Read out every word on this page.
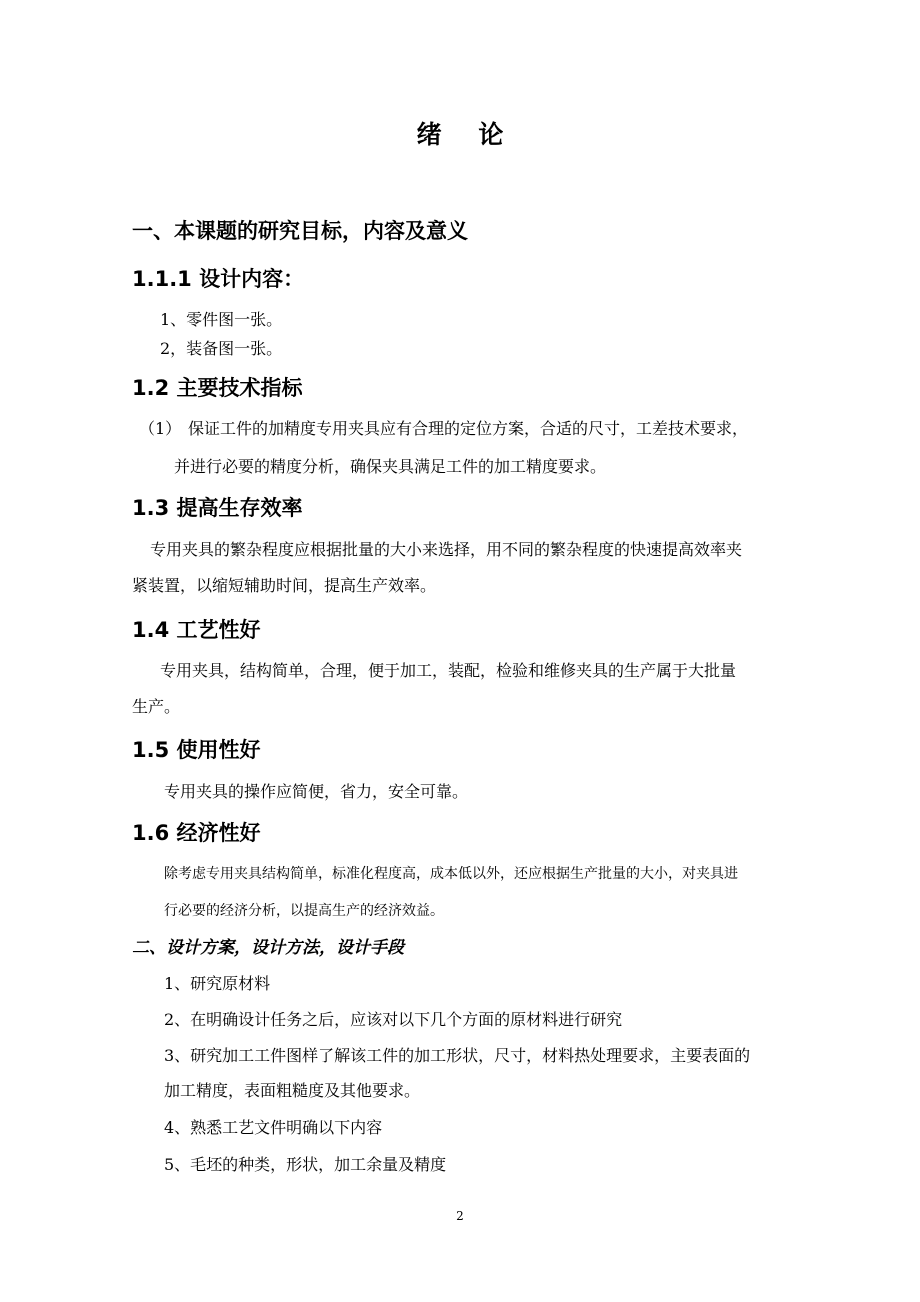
绪 论
一、本课题的研究目标，内容及意义
1.1.1 设计内容：
1、零件图一张。
2，装备图一张。
1.2 主要技术指标
（1） 保证工件的加精度专用夹具应有合理的定位方案，合适的尺寸，工差技术要求，
并进行必要的精度分析，确保夹具满足工件的加工精度要求。
1.3 提高生存效率
专用夹具的繁杂程度应根据批量的大小来选择，用不同的繁杂程度的快速提高效率夹
紧装置，以缩短辅助时间，提高生产效率。
1.4 工艺性好
专用夹具，结构简单，合理，便于加工，装配，检验和维修夹具的生产属于大批量
生产。
1.5 使用性好
专用夹具的操作应简便，省力，安全可靠。
1.6 经济性好
除考虑专用夹具结构简单，标准化程度高，成本低以外，还应根据生产批量的大小，对夹具进
行必要的经济分析，以提高生产的经济效益。
二、设计方案，设计方法，设计手段
1、研究原材料
2、在明确设计任务之后，应该对以下几个方面的原材料进行研究
3、研究加工工件图样了解该工件的加工形状，尺寸，材料热处理要求，主要表面的
加工精度，表面粗糙度及其他要求。
4、熟悉工艺文件明确以下内容
5、毛坯的种类，形状，加工余量及精度
2
